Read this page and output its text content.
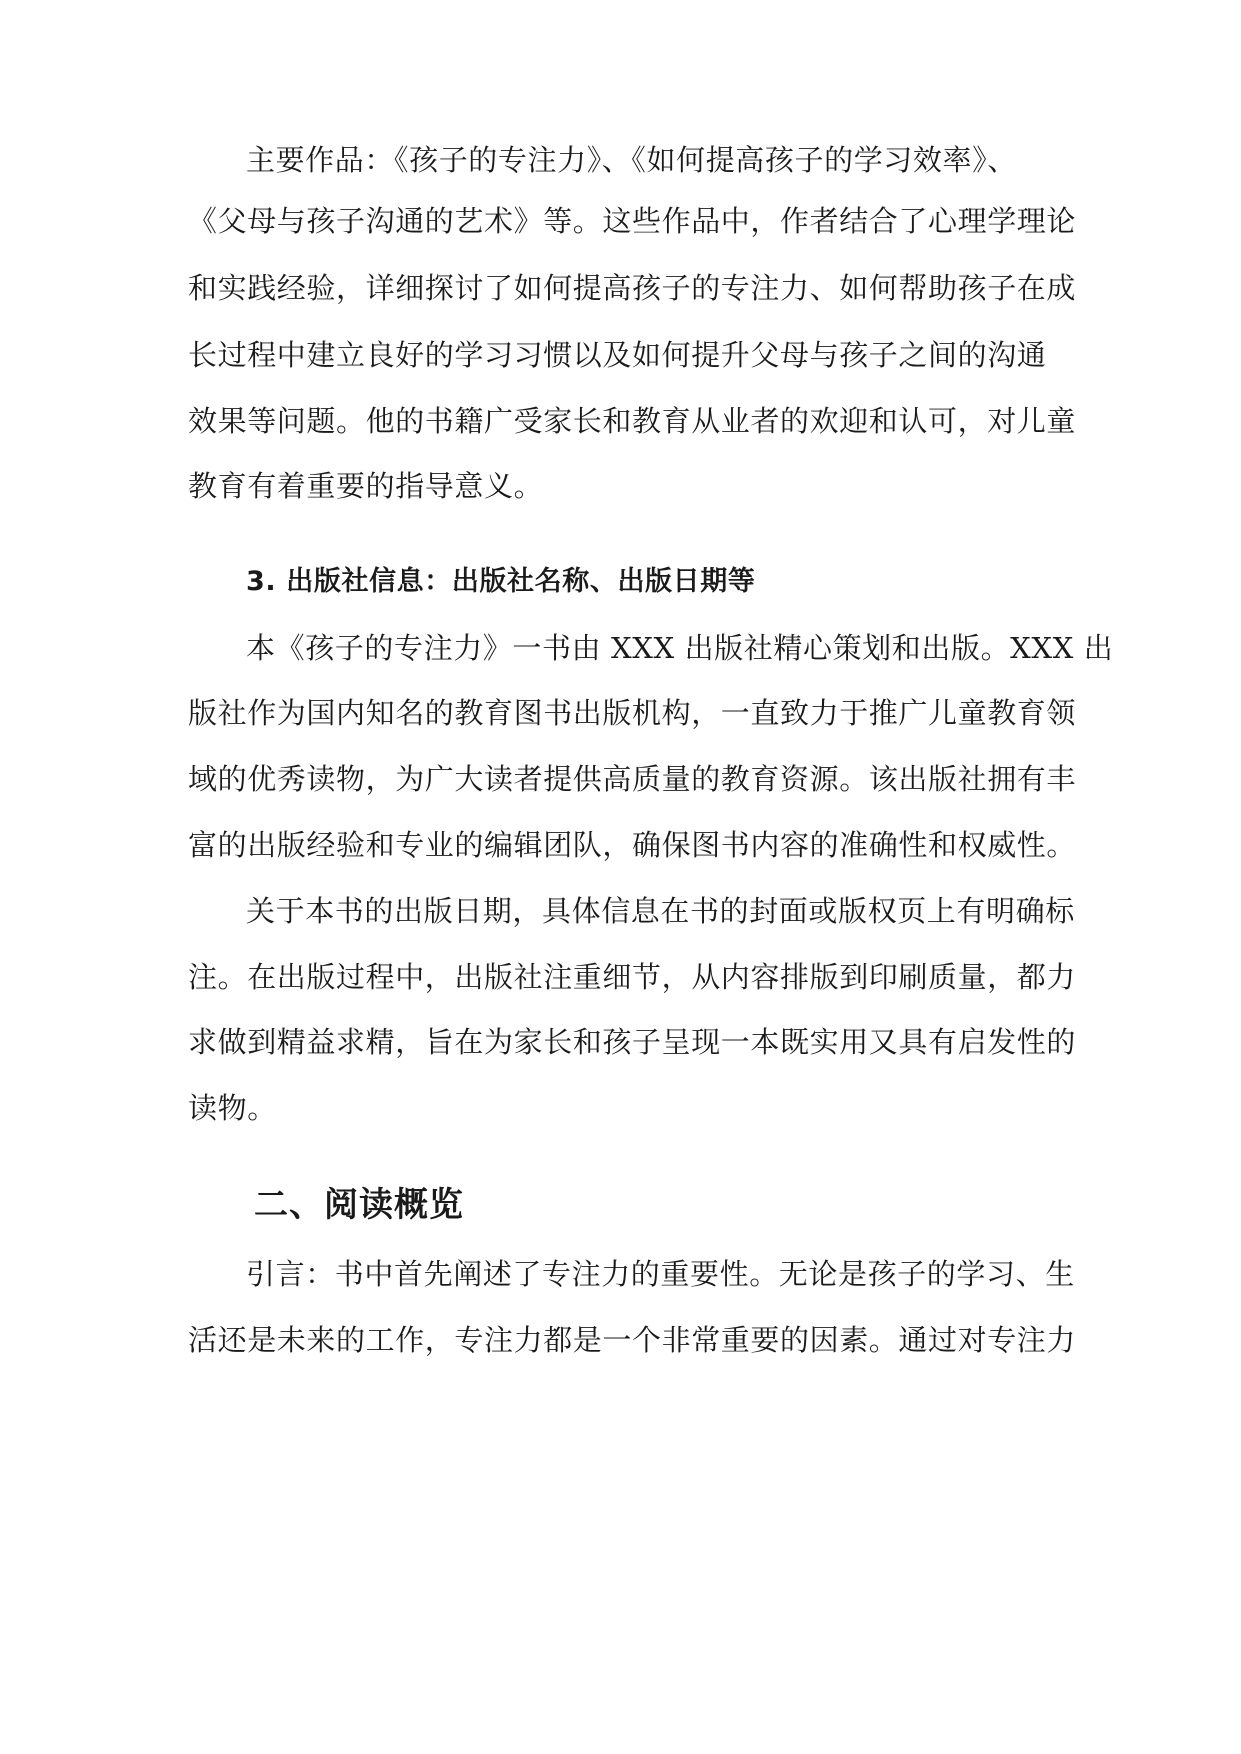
主要作品：《孩子的专注力》、《如何提高孩子的学习效率》、
《父母与孩子沟通的艺术》等。这些作品中，作者结合了心理学理论
和实践经验，详细探讨了如何提高孩子的专注力、如何帮助孩子在成
长过程中建立良好的学习习惯以及如何提升父母与孩子之间的沟通
效果等问题。他的书籍广受家长和教育从业者的欢迎和认可，对儿童
教育有着重要的指导意义。
3. 出版社信息：出版社名称、出版日期等
本《孩子的专注力》一书由 XXX 出版社精心策划和出版。XXX 出
版社作为国内知名的教育图书出版机构，一直致力于推广儿童教育领
域的优秀读物，为广大读者提供高质量的教育资源。该出版社拥有丰
富的出版经验和专业的编辑团队，确保图书内容的准确性和权威性。
关于本书的出版日期，具体信息在书的封面或版权页上有明确标
注。在出版过程中，出版社注重细节，从内容排版到印刷质量，都力
求做到精益求精，旨在为家长和孩子呈现一本既实用又具有启发性的
读物。
二、阅读概览
引言：书中首先阐述了专注力的重要性。无论是孩子的学习、生
活还是未来的工作，专注力都是一个非常重要的因素。通过对专注力
